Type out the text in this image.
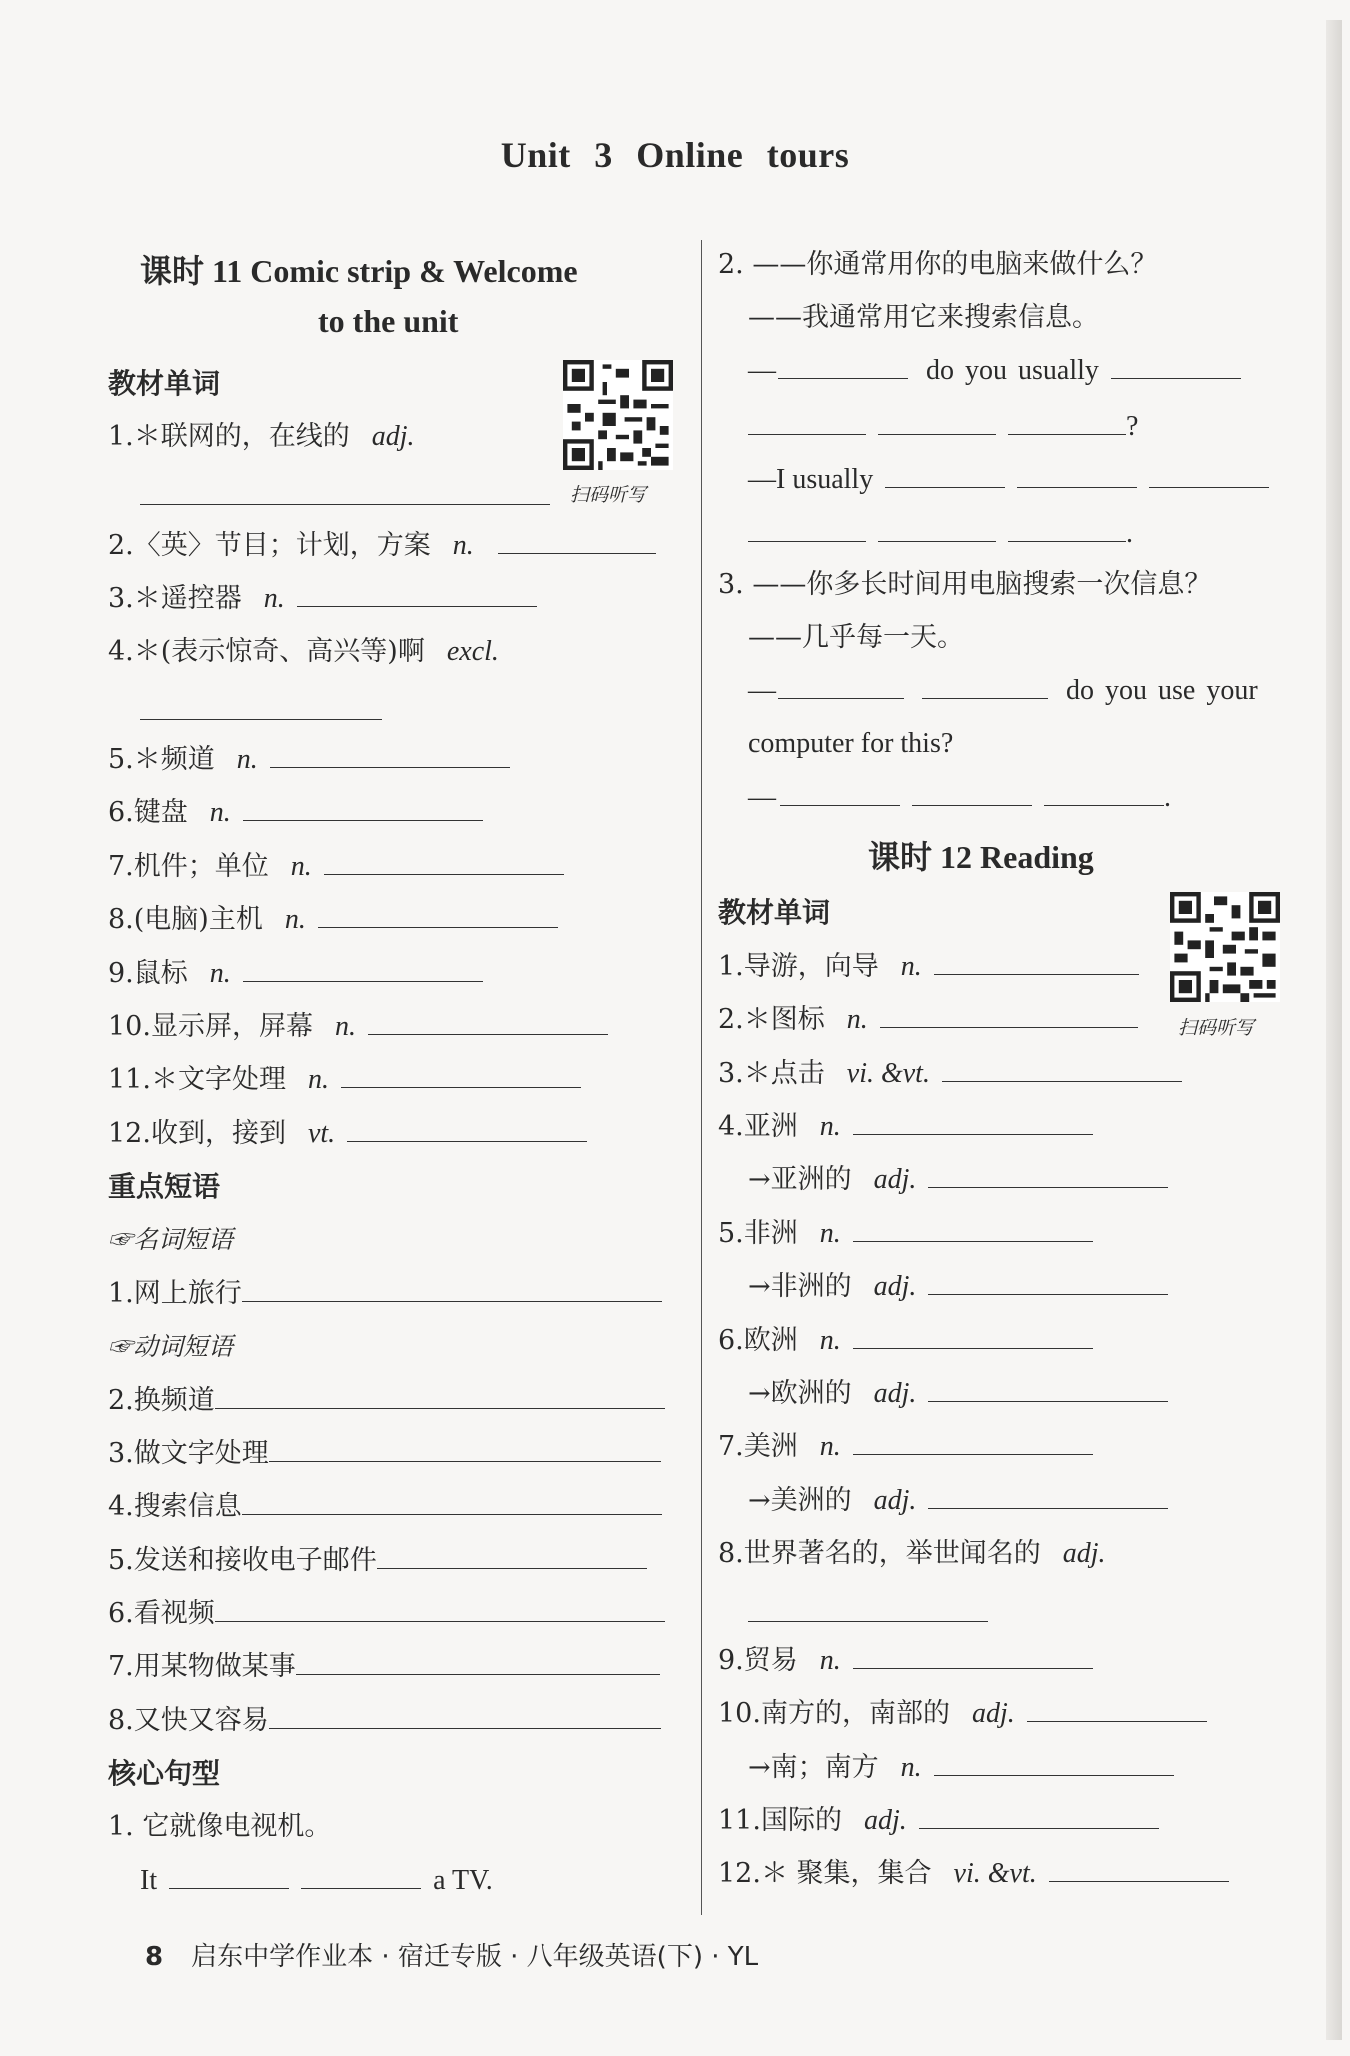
Unit 3 Online tours
课时 11 Comic strip & Welcome
to the unit
教材单词
扫码听写
1.＊联网的，在线的 adj.
2.〈英〉节目；计划，方案 n.
3.＊遥控器 n.
4.＊(表示惊奇、高兴等)啊 excl.
5.＊频道 n.
6.键盘 n.
7.机件；单位 n.
8.(电脑)主机 n.
9.鼠标 n.
10.显示屏，屏幕 n.
11.＊文字处理 n.
12.收到，接到 vt.
重点短语
☞名词短语
1.网上旅行
☞动词短语
2.换频道
3.做文字处理
4.搜索信息
5.发送和接收电子邮件
6.看视频
7.用某物做某事
8.又快又容易
核心句型
1. 它就像电视机。
It	a TV.
2. ——你通常用你的电脑来做什么？
——我通常用它来搜索信息。
—	do you usually
?
—I usually
.
3. ——你多长时间用电脑搜索一次信息？
——几乎每一天。
—	do you use your
computer for this?
—	.
课时 12 Reading
教材单词
扫码听写
1.导游，向导 n.
2.＊图标 n.
3.＊点击 vi. &vt.
4.亚洲 n.
→亚洲的 adj.
5.非洲 n.
→非洲的 adj.
6.欧洲 n.
→欧洲的 adj.
7.美洲 n.
→美洲的 adj.
8.世界著名的，举世闻名的 adj.
9.贸易 n.
10.南方的，南部的 adj.
→南；南方 n.
11.国际的 adj.
12.＊ 聚集，集合 vi. &vt.
8 启东中学作业本 · 宿迁专版 · 八年级英语(下) · YL
